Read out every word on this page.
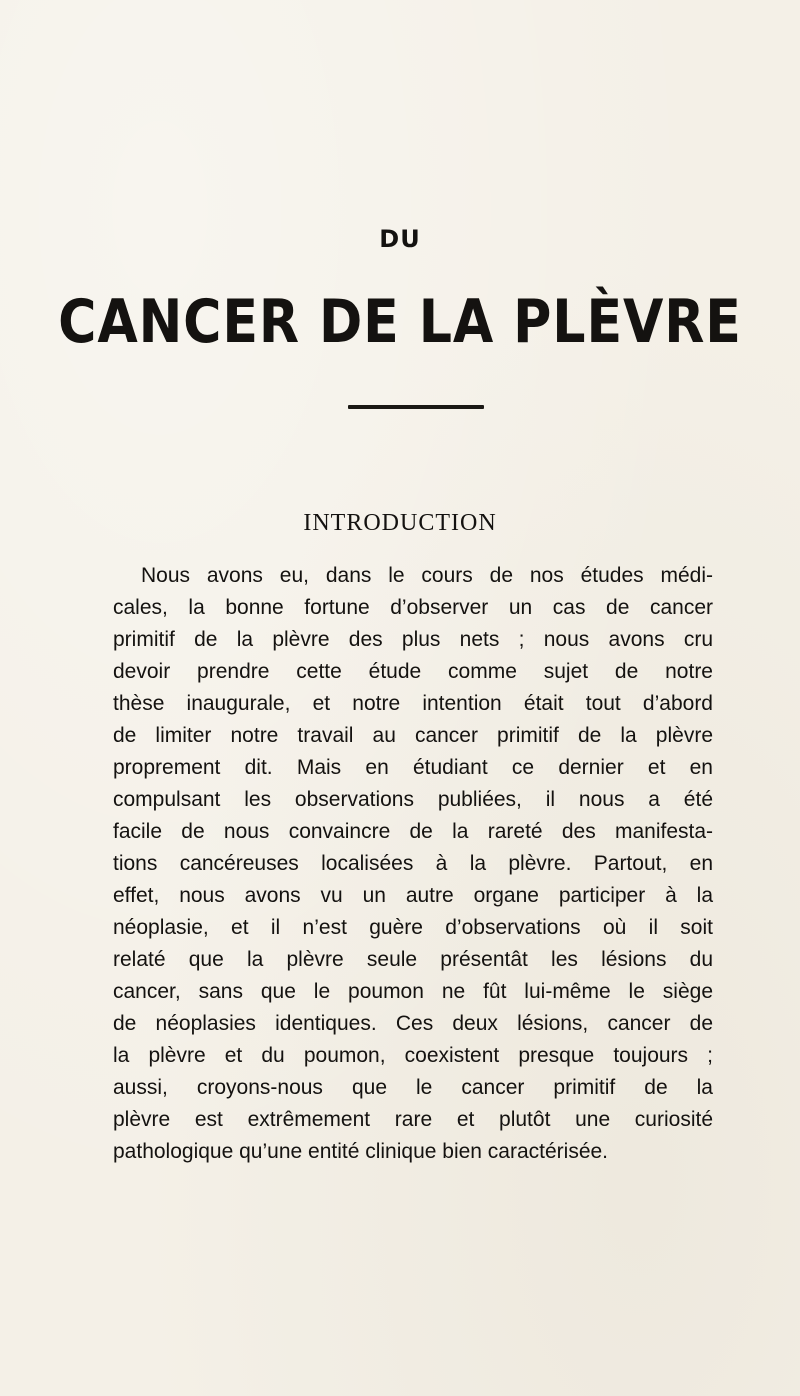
DU
CANCER DE LA PLÈVRE
INTRODUCTION
Nous avons eu, dans le cours de nos études médi-
cales, la bonne fortune d’observer un cas de cancer
primitif de la plèvre des plus nets ; nous avons cru
devoir prendre cette étude comme sujet de notre
thèse inaugurale, et notre intention était tout d’abord
de limiter notre travail au cancer primitif de la plèvre
proprement dit. Mais en étudiant ce dernier et en
compulsant les observations publiées, il nous a été
facile de nous convaincre de la rareté des manifesta-
tions cancéreuses localisées à la plèvre. Partout, en
effet, nous avons vu un autre organe participer à la
néoplasie, et il n’est guère d’observations où il soit
relaté que la plèvre seule présentât les lésions du
cancer, sans que le poumon ne fût lui-même le siège
de néoplasies identiques. Ces deux lésions, cancer de
la plèvre et du poumon, coexistent presque toujours ;
aussi, croyons-nous que le cancer primitif de la
plèvre est extrêmement rare et plutôt une curiosité
pathologique qu’une entité clinique bien caractérisée.
